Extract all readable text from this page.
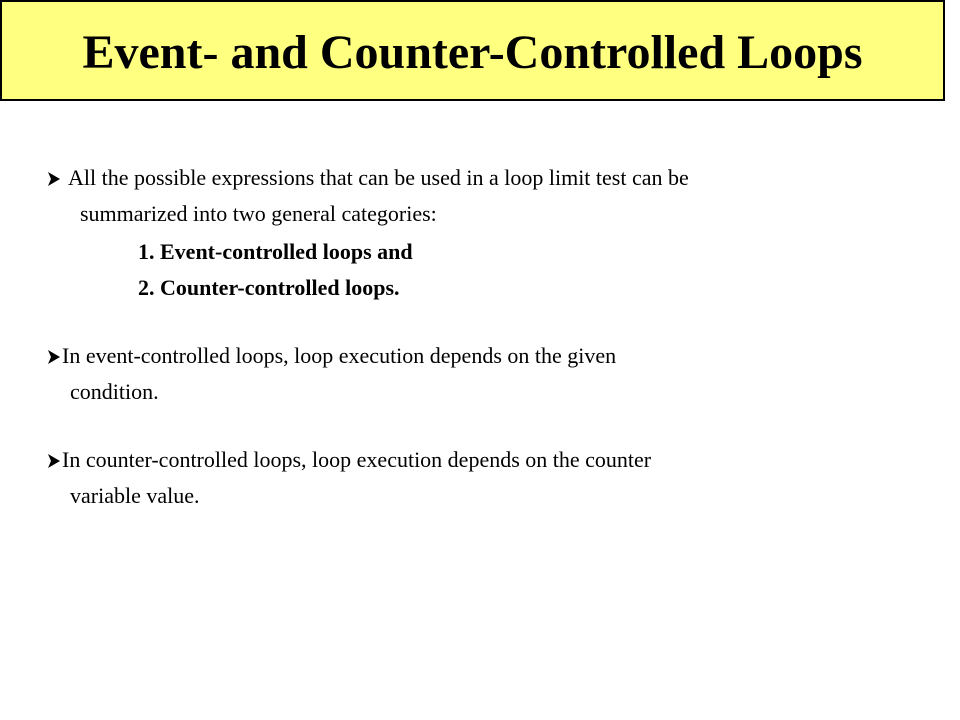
Event- and Counter-Controlled Loops
All the possible expressions that can be used in a loop limit test can be
summarized into two general categories:
1. Event-controlled loops and
2. Counter-controlled loops.
In event-controlled loops, loop execution depends on the given
condition.
In counter-controlled loops, loop execution depends on the counter
variable value.
